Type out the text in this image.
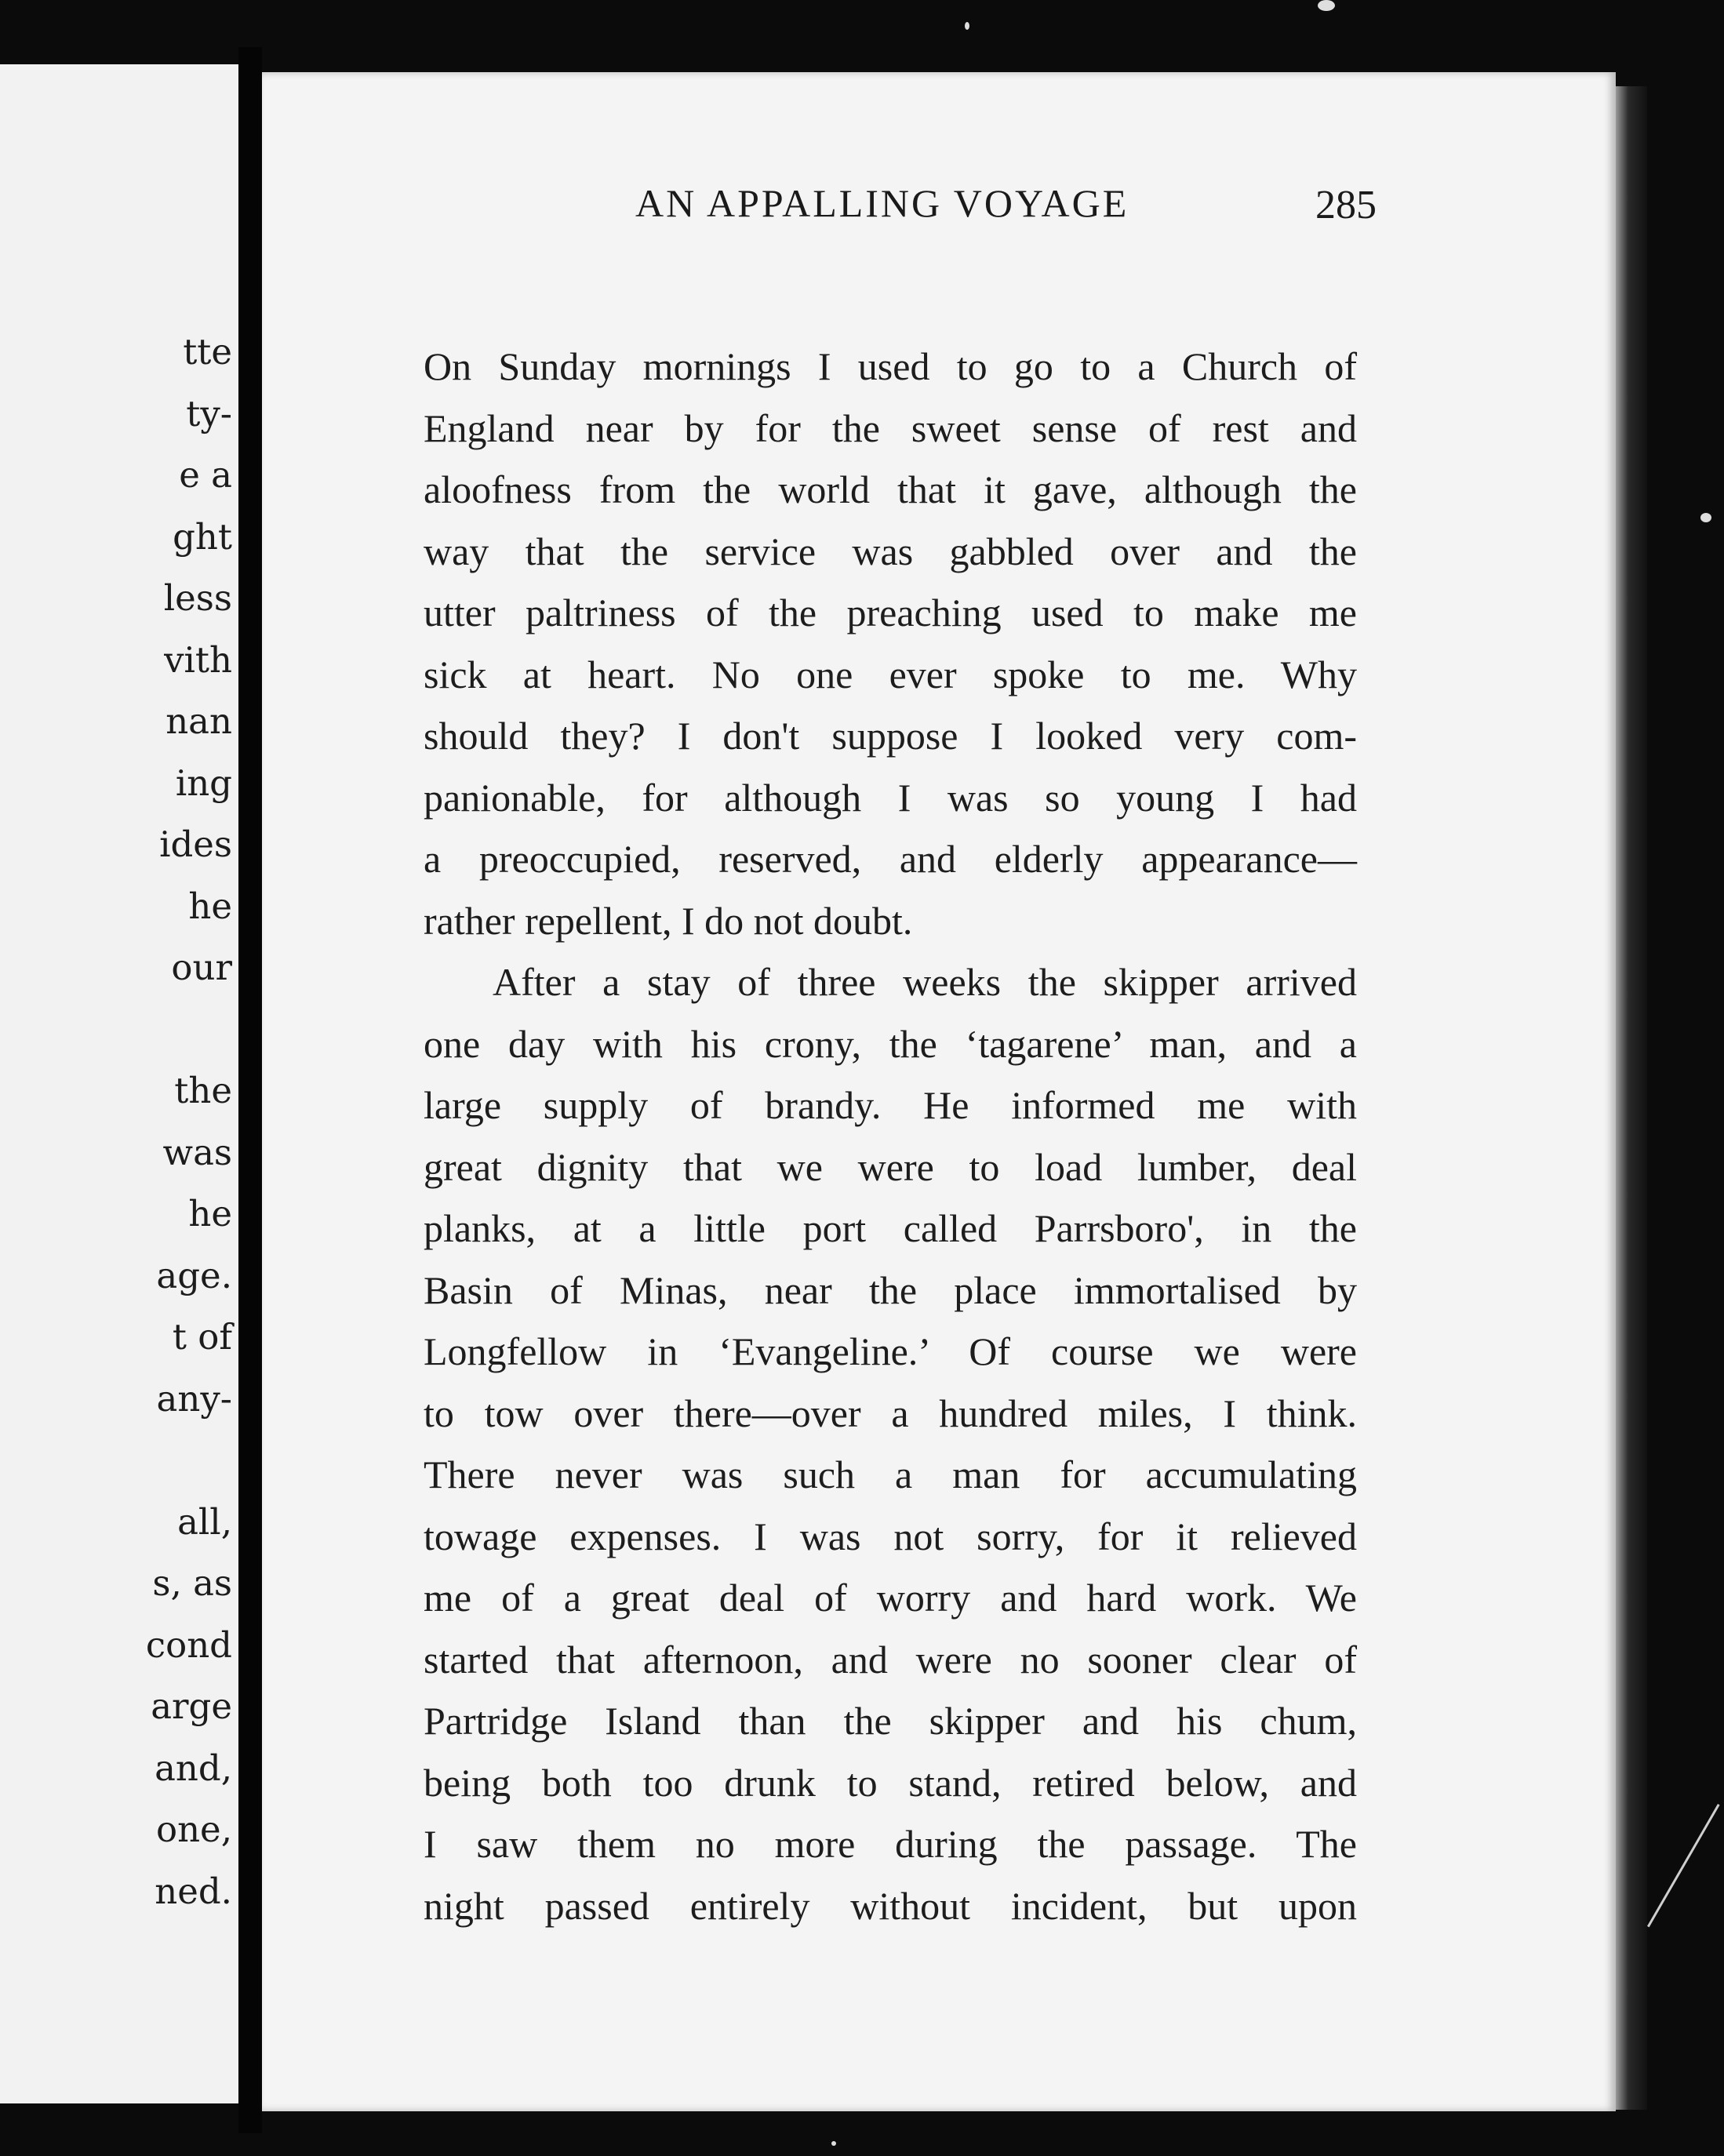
tte
ty-
e a
ght
less
vith
nan
ing
ides
he
our
the
was
he
age.
t of
any-
all,
s, as
cond
arge
and,
one,
ned.
AN APPALLING VOYAGE	285
On Sunday mornings I used to go to a Church of
England near by for the sweet sense of rest and
aloofness from the world that it gave, although the
way that the service was gabbled over and the
utter paltriness of the preaching used to make me
sick at heart. No one ever spoke to me. Why
should they? I don't suppose I looked very com-
panionable, for although I was so young I had
a preoccupied, reserved, and elderly appearance—
rather repellent, I do not doubt.
After a stay of three weeks the skipper arrived
one day with his crony, the ‘tagarene’ man, and a
large supply of brandy. He informed me with
great dignity that we were to load lumber, deal
planks, at a little port called Parrsboro', in the
Basin of Minas, near the place immortalised by
Longfellow in ‘Evangeline.’ Of course we were
to tow over there—over a hundred miles, I think.
There never was such a man for accumulating
towage expenses. I was not sorry, for it relieved
me of a great deal of worry and hard work. We
started that afternoon, and were no sooner clear of
Partridge Island than the skipper and his chum,
being both too drunk to stand, retired below, and
I saw them no more during the passage. The
night passed entirely without incident, but upon
